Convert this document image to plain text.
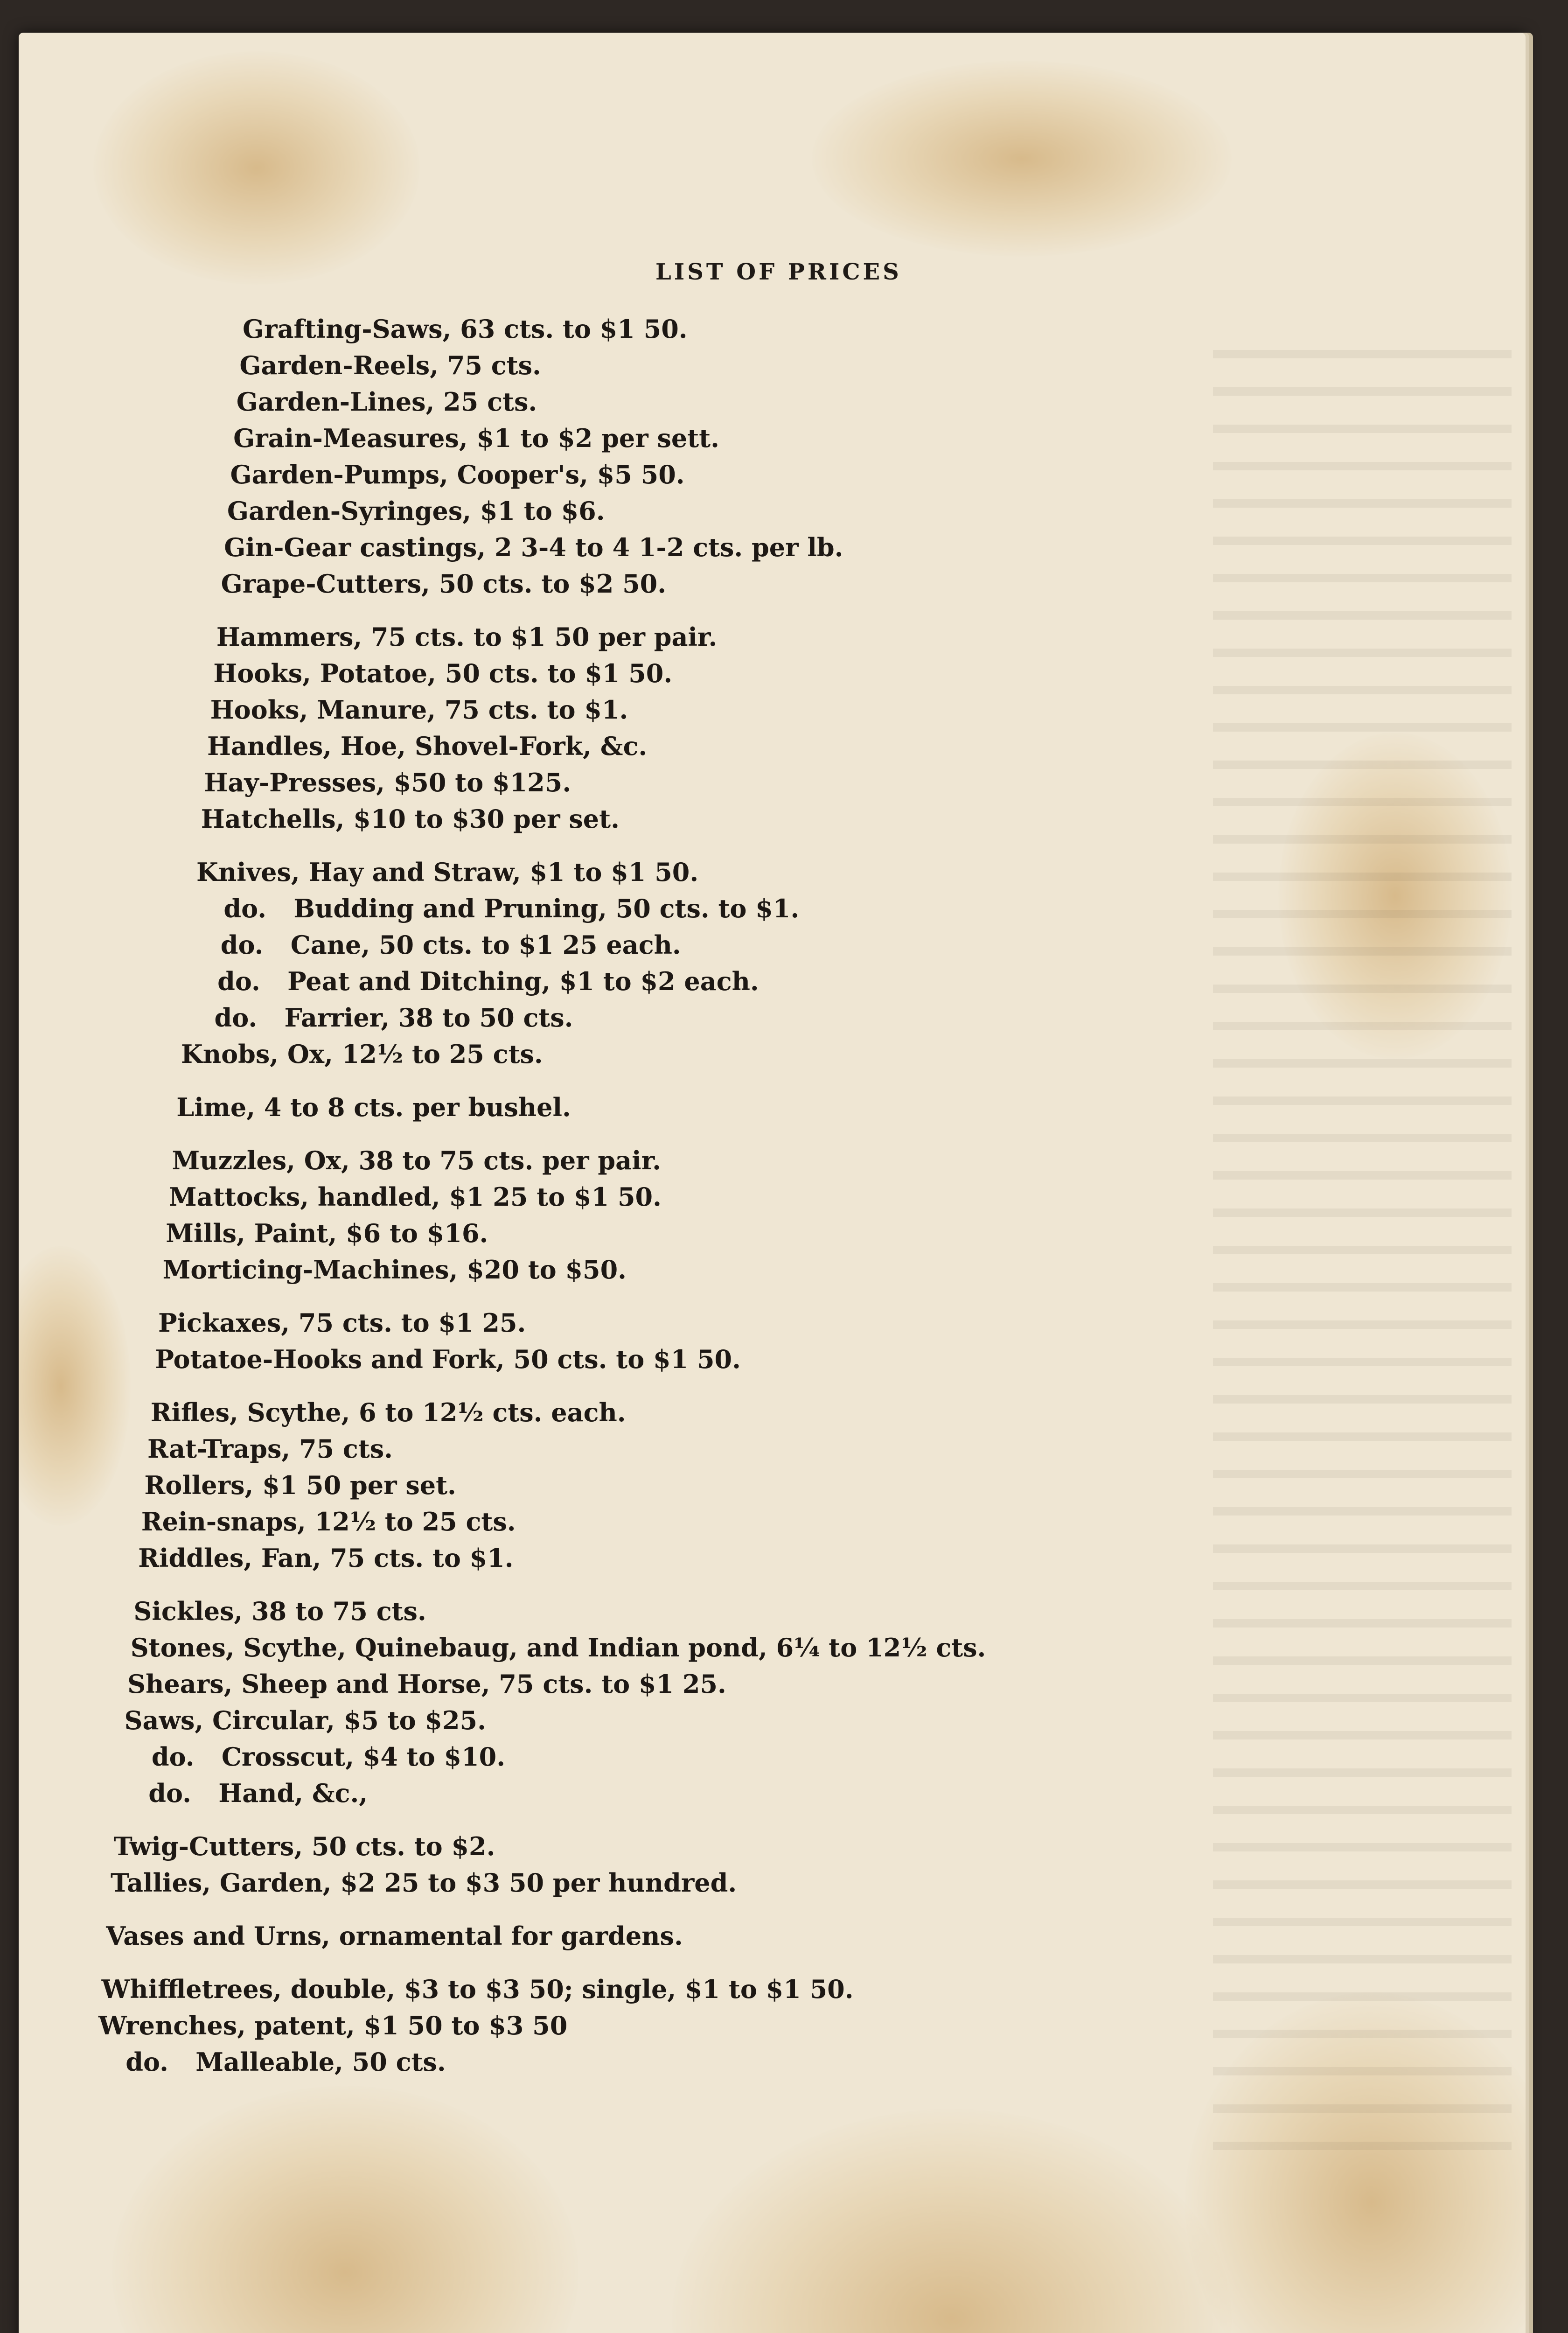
LIST OF PRICES
Grafting-Saws, 63 cts. to $1 50.
Garden-Reels, 75 cts.
Garden-Lines, 25 cts.
Grain-Measures, $1 to $2 per sett.
Garden-Pumps, Cooper's, $5 50.
Garden-Syringes, $1 to $6.
Gin-Gear castings, 2 3-4 to 4 1-2 cts. per lb.
Grape-Cutters, 50 cts. to $2 50.
Hammers, 75 cts. to $1 50 per pair.
Hooks, Potatoe, 50 cts. to $1 50.
Hooks, Manure, 75 cts. to $1.
Handles, Hoe, Shovel-Fork, &c.
Hay-Presses, $50 to $125.
Hatchells, $10 to $30 per set.
Knives, Hay and Straw, $1 to $1 50.
do. Budding and Pruning, 50 cts. to $1.
do. Cane, 50 cts. to $1 25 each.
do. Peat and Ditching, $1 to $2 each.
do. Farrier, 38 to 50 cts.
Knobs, Ox, 12½ to 25 cts.
Lime, 4 to 8 cts. per bushel.
Muzzles, Ox, 38 to 75 cts. per pair.
Mattocks, handled, $1 25 to $1 50.
Mills, Paint, $6 to $16.
Morticing-Machines, $20 to $50.
Pickaxes, 75 cts. to $1 25.
Potatoe-Hooks and Fork, 50 cts. to $1 50.
Rifles, Scythe, 6 to 12½ cts. each.
Rat-Traps, 75 cts.
Rollers, $1 50 per set.
Rein-snaps, 12½ to 25 cts.
Riddles, Fan, 75 cts. to $1.
Sickles, 38 to 75 cts.
Stones, Scythe, Quinebaug, and Indian pond, 6¼ to 12½ cts.
Shears, Sheep and Horse, 75 cts. to $1 25.
Saws, Circular, $5 to $25.
do. Crosscut, $4 to $10.
do. Hand, &c.,
Twig-Cutters, 50 cts. to $2.
Tallies, Garden, $2 25 to $3 50 per hundred.
Vases and Urns, ornamental for gardens.
Whiffletrees, double, $3 to $3 50; single, $1 to $1 50.
Wrenches, patent, $1 50 to $3 50
do. Malleable, 50 cts.
